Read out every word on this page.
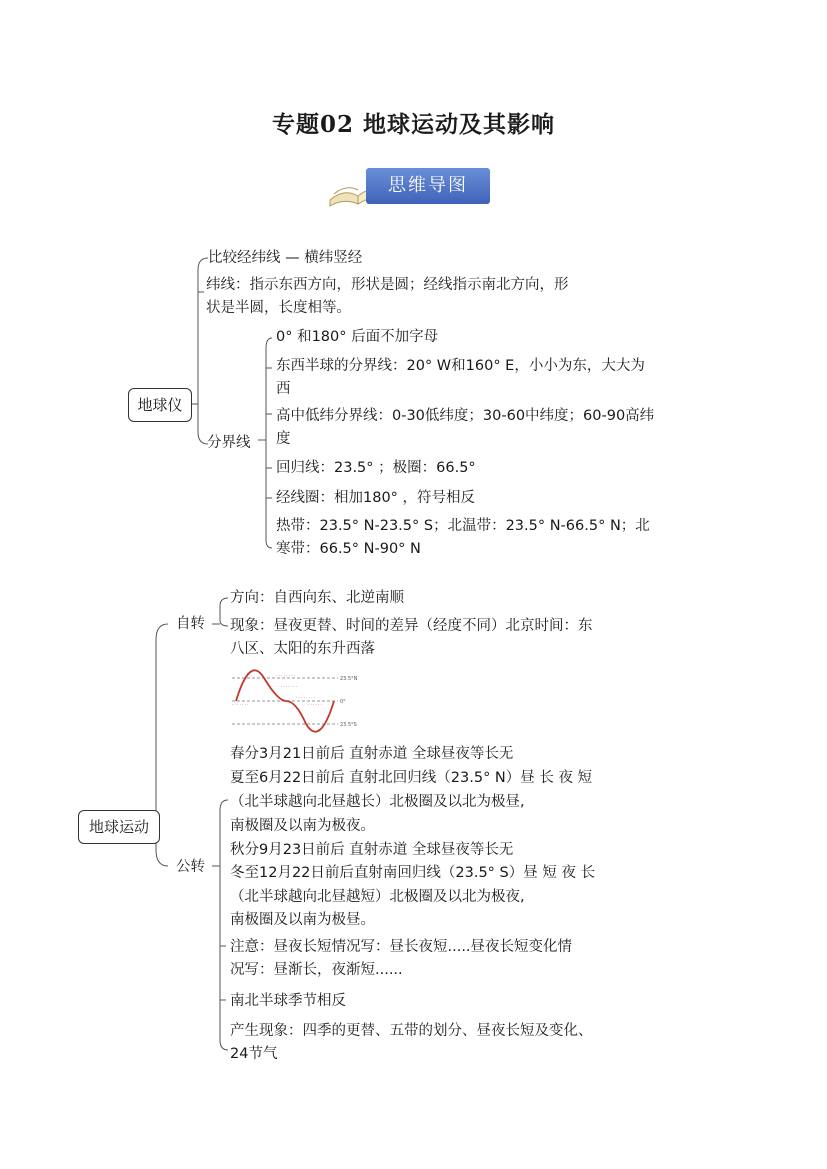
专题02 地球运动及其影响
思维导图
地球仪
比较经纬线 — 横纬竖经
纬线：指示东西方向，形状是圆；经线指示南北方向，形
状是半圆，长度相等。
分界线
0° 和180° 后面不加字母
东西半球的分界线：20° W和160° E，小小为东，大大为
西
高中低纬分界线：0-30低纬度；30-60中纬度；60-90高纬
度
回归线：23.5° ；极圈：66.5°
经线圈：相加180° ，符号相反
热带：23.5° N-23.5° S；北温带：23.5° N-66.5° N；北
寒带：66.5° N-90° N
地球运动
自转
方向：自西向东、北逆南顺
现象：昼夜更替、时间的差异（经度不同）北京时间：东
八区、太阳的东升西落
· · · · · · · ·
· · · · · · · ·
· · · · · · ·	· · · · · ·
· · · · · · · ·
23.5°N
0°
23.5°S
春分3月21日前后 直射赤道 全球昼夜等长无
夏至6月22日前后 直射北回归线（23.5° N）昼 长 夜 短
（北半球越向北昼越长）北极圈及以北为极昼,
南极圈及以南为极夜。
秋分9月23日前后 直射赤道 全球昼夜等长无
冬至12月22日前后直射南回归线（23.5° S）昼 短 夜 长
（北半球越向北昼越短）北极圈及以北为极夜,
南极圈及以南为极昼。
公转
注意：昼夜长短情况写：昼长夜短.....昼夜长短变化情
况写：昼渐长，夜渐短......
南北半球季节相反
产生现象：四季的更替、五带的划分、昼夜长短及变化、
24节气
